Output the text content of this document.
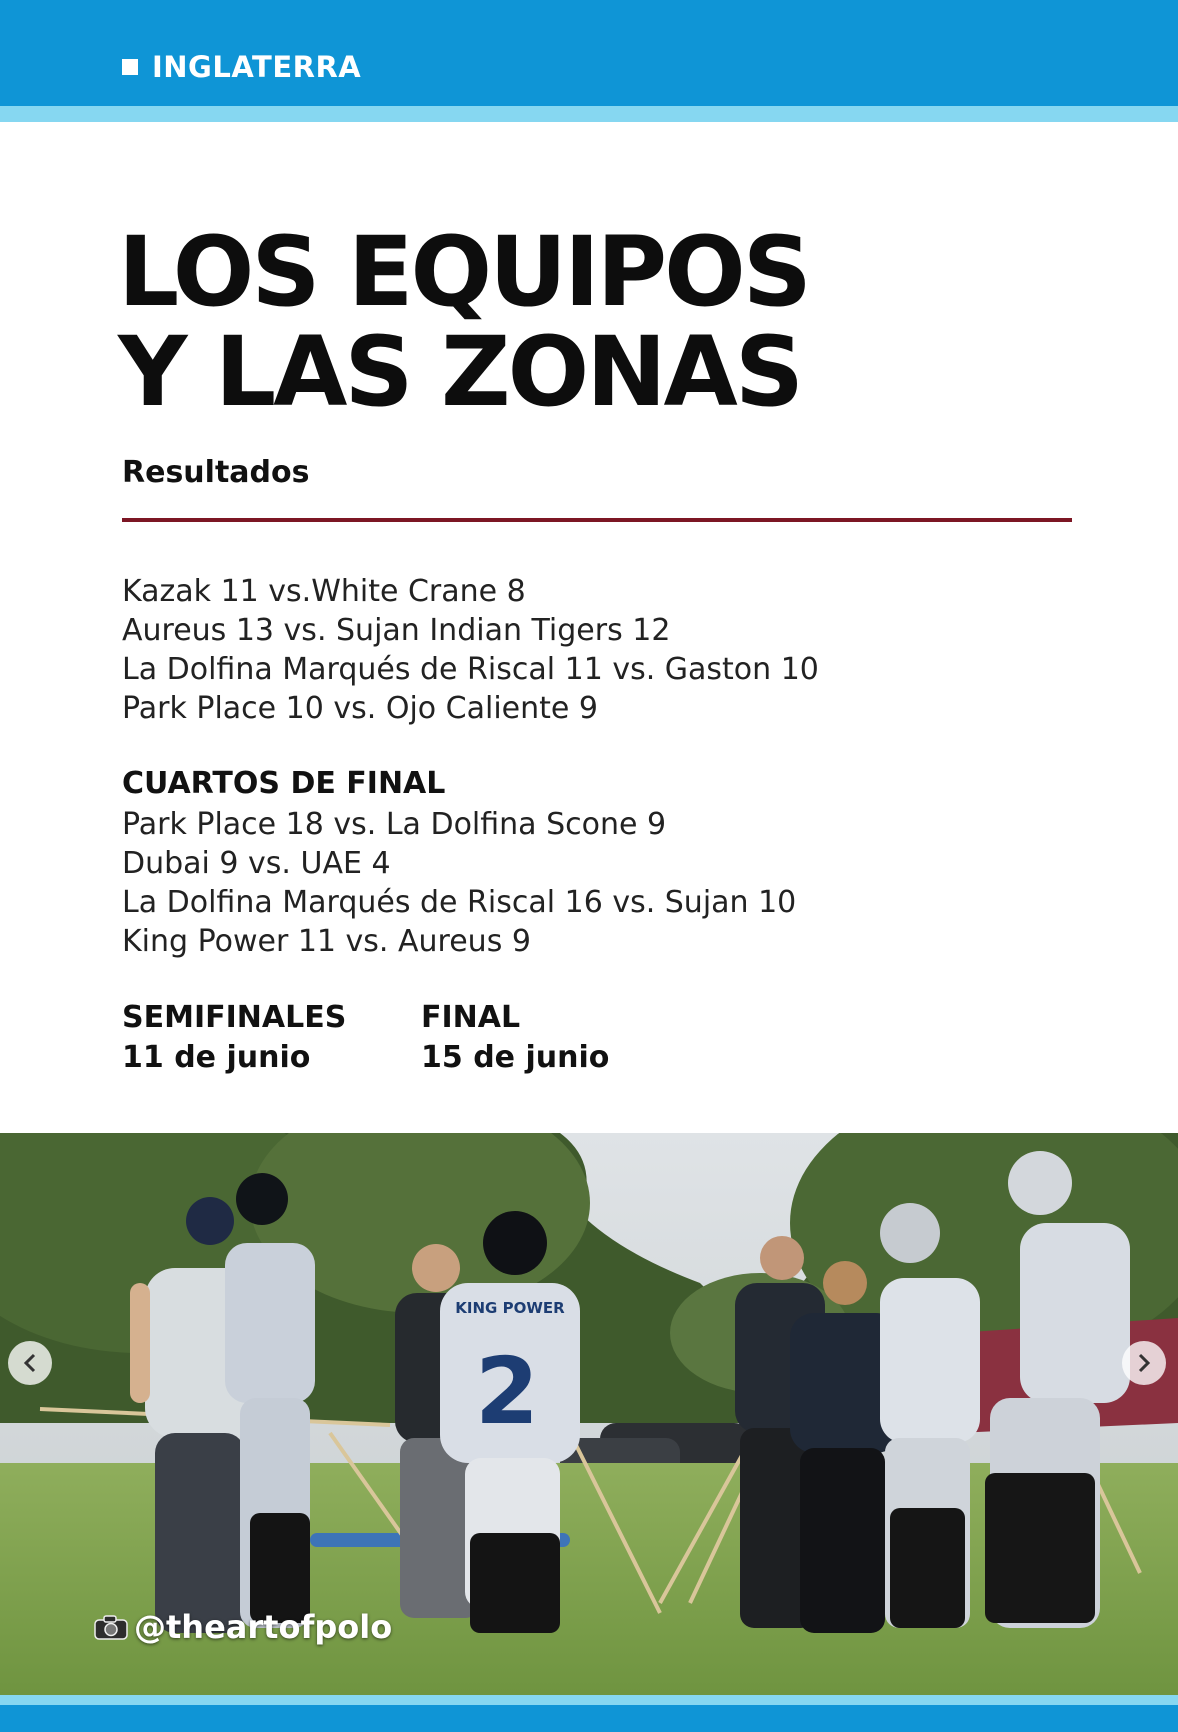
INGLATERRA
LOS EQUIPOS
Y LAS ZONAS
Resultados
Kazak 11 vs.White Crane 8
Aureus 13 vs. Sujan Indian Tigers 12
La Dolfina Marqués de Riscal 11 vs. Gaston 10
Park Place 10 vs. Ojo Caliente 9
CUARTOS DE FINAL
Park Place 18 vs. La Dolfina Scone 9
Dubai 9 vs. UAE 4
La Dolfina Marqués de Riscal 16 vs. Sujan 10
King Power 11 vs. Aureus 9
SEMIFINALES
11 de junio
FINAL
15 de junio
KING POWER
2
@theartofpolo
